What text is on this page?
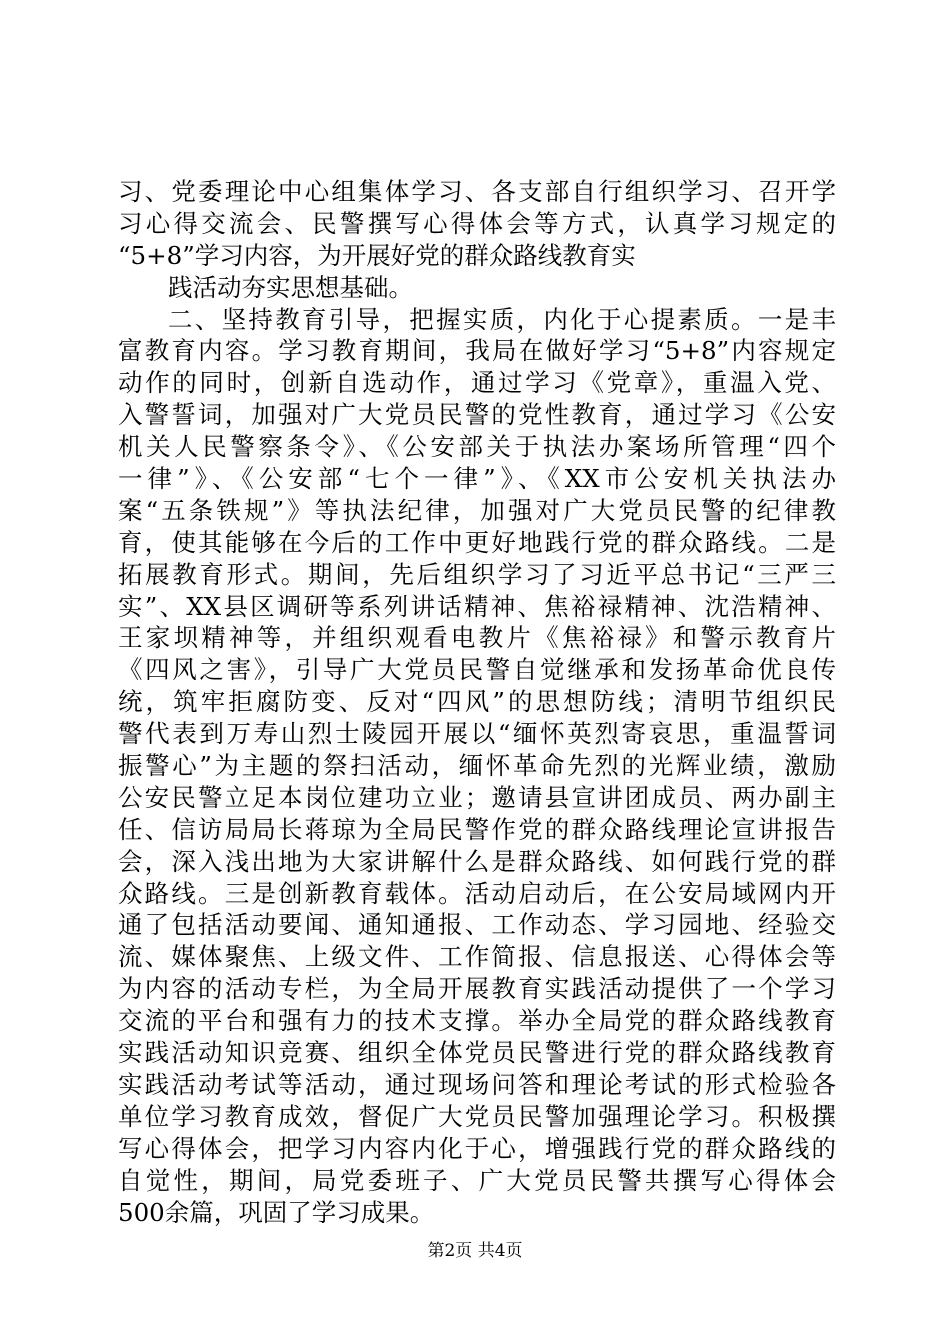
习、党委理论中心组集体学习、各支部自行组织学习、召开学
习心得交流会、民警撰写心得体会等方式，认真学习规定的
“5+8”学习内容，为开展好党的群众路线教育实
践活动夯实思想基础。
二、坚持教育引导，把握实质，内化于心提素质。一是丰
富教育内容。学习教育期间，我局在做好学习“5+8”内容规定
动作的同时，创新自选动作，通过学习《党章》，重温入党、
入警誓词，加强对广大党员民警的党性教育，通过学习《公安
机关人民警察条令》、《公安部关于执法办案场所管理“四个
一律”》、《公安部“七个一律”》、《XX市公安机关执法办
案“五条铁规”》等执法纪律，加强对广大党员民警的纪律教
育，使其能够在今后的工作中更好地践行党的群众路线。二是
拓展教育形式。期间，先后组织学习了习近平总书记“三严三
实”、XX县区调研等系列讲话精神、焦裕禄精神、沈浩精神、
王家坝精神等，并组织观看电教片《焦裕禄》和警示教育片
《四风之害》，引导广大党员民警自觉继承和发扬革命优良传
统，筑牢拒腐防变、反对“四风”的思想防线；清明节组织民
警代表到万寿山烈士陵园开展以“缅怀英烈寄哀思，重温誓词
振警心”为主题的祭扫活动，缅怀革命先烈的光辉业绩，激励
公安民警立足本岗位建功立业；邀请县宣讲团成员、两办副主
任、信访局局长蒋琼为全局民警作党的群众路线理论宣讲报告
会，深入浅出地为大家讲解什么是群众路线、如何践行党的群
众路线。三是创新教育载体。活动启动后，在公安局域网内开
通了包括活动要闻、通知通报、工作动态、学习园地、经验交
流、媒体聚焦、上级文件、工作简报、信息报送、心得体会等
为内容的活动专栏，为全局开展教育实践活动提供了一个学习
交流的平台和强有力的技术支撑。举办全局党的群众路线教育
实践活动知识竞赛、组织全体党员民警进行党的群众路线教育
实践活动考试等活动，通过现场问答和理论考试的形式检验各
单位学习教育成效，督促广大党员民警加强理论学习。积极撰
写心得体会，把学习内容内化于心，增强践行党的群众路线的
自觉性，期间，局党委班子、广大党员民警共撰写心得体会
500余篇，巩固了学习成果。
第2页 共4页
